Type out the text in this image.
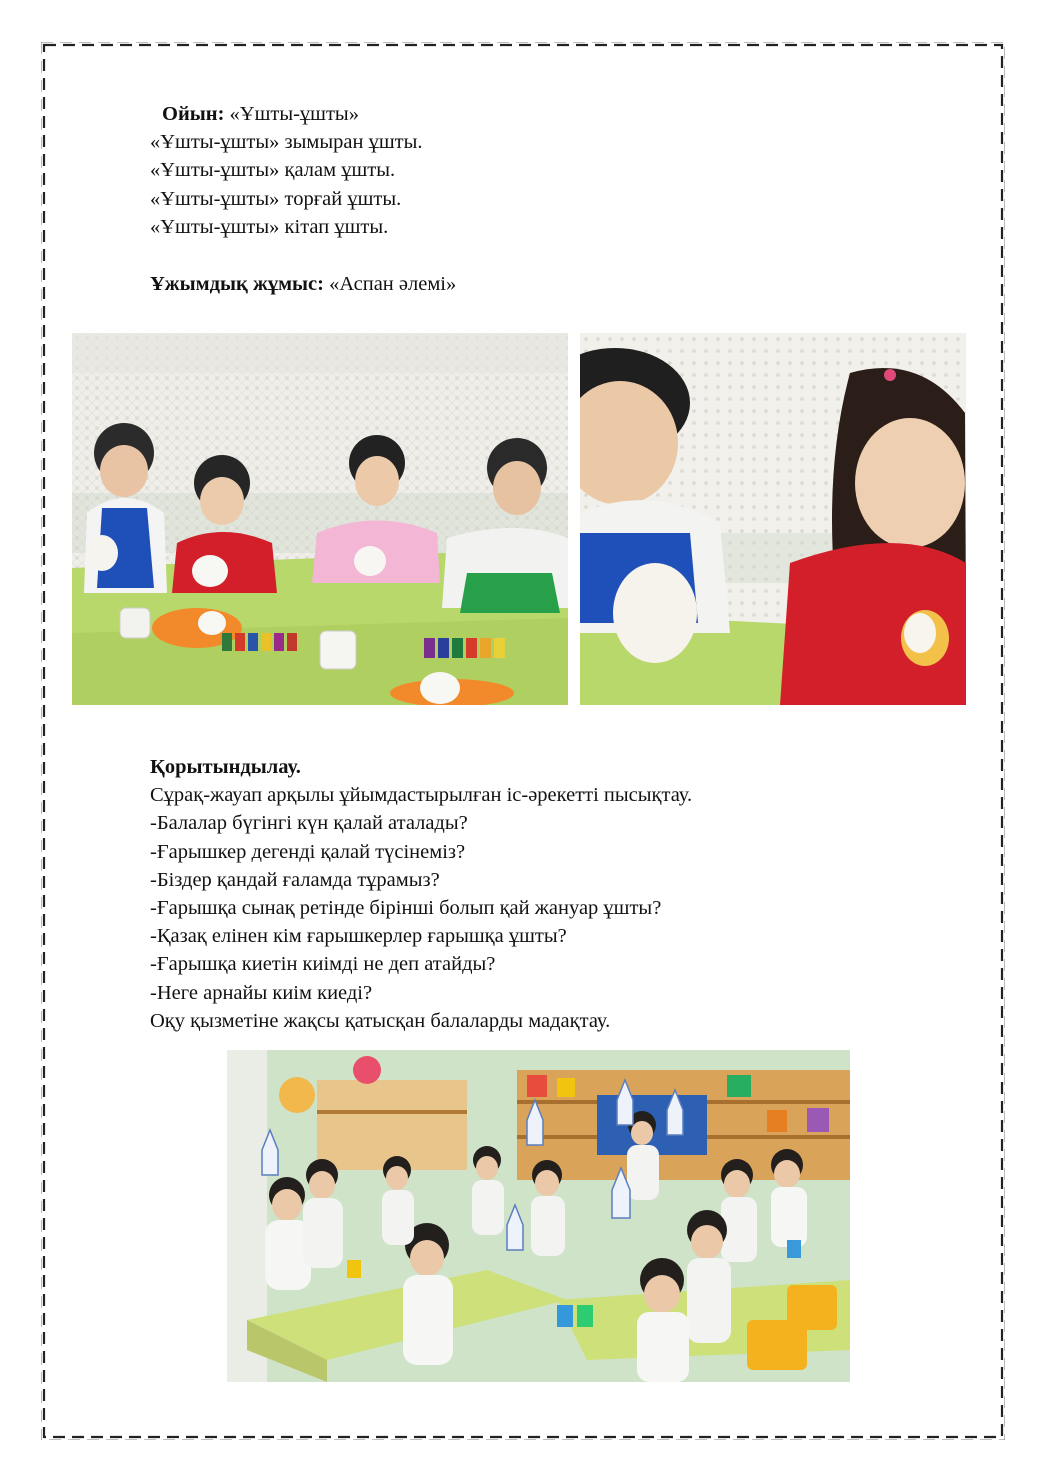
Ойын: «Ұшты-ұшты»
«Ұшты-ұшты» зымыран ұшты.
«Ұшты-ұшты» қалам ұшты.
«Ұшты-ұшты» торғай ұшты.
«Ұшты-ұшты» кітап ұшты.
Ұжымдық жұмыс: «Аспан әлемі»
Қорытындылау.
Сұрақ-жауап арқылы ұйымдастырылған іс-әрекетті пысықтау.
-Балалар бүгінгі күн қалай аталады?
-Ғарышкер дегенді қалай түсінеміз?
-Біздер қандай ғаламда тұрамыз?
-Ғарышқа сынақ ретінде бірінші болып қай жануар ұшты?
-Қазақ елінен кім ғарышкерлер ғарышқа ұшты?
-Ғарышқа киетін киімді не деп атайды?
-Неге арнайы киім киеді?
Оқу қызметіне жақсы қатысқан балаларды мадақтау.
